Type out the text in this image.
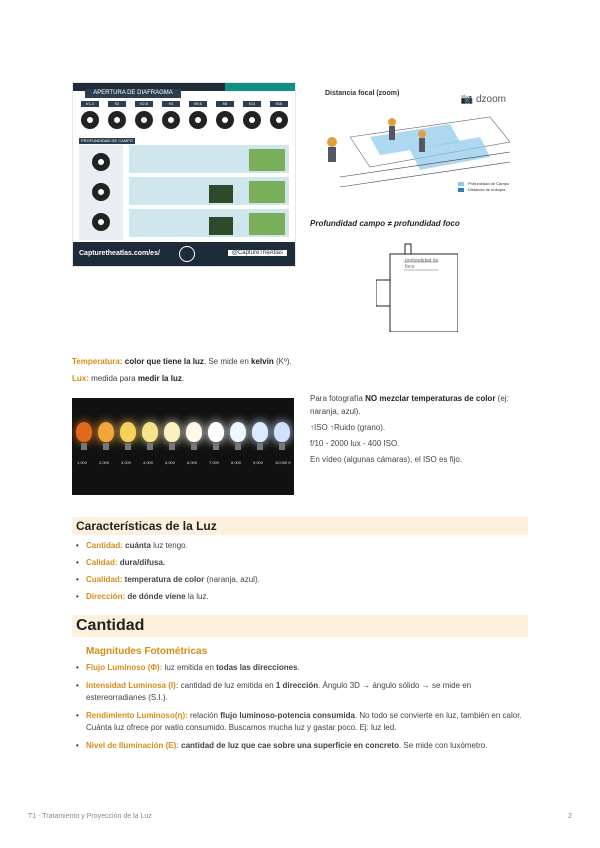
APERTURA DE DIAFRAGMA
f/1.4	f/2	f/2.8	f/4	f/5.6	f/8	f/11	f/16
PROFUNDIDAD DE CAMPO
Capturetheatlas.com/es/	@CaptureTheAtlas
Distancia focal (zoom)
📷 dzoom
Profundidad de Campo
Distancia de enfoque
Profundidad campo ≠ profundidad foco
profundidad de foco
Temperatura: color que tiene la luz. Se mide en kelvin (Kº).
Lux: medida para medir la luz.
1,000	2,000	3,000	4,000	5,000	6,000	7,000	8,000	9,000	10,000 K
Para fotografía NO mezclar temperaturas de color (ej: naranja, azul).
↑ISO ↑Ruido (grano).
f/10 - 2000 lux - 400 ISO.
En vídeo (algunas cámaras), el ISO es fijo.
Características de la Luz
• Cantidad: cuánta luz tengo.
• Calidad: dura/difusa.
• Cualidad: temperatura de color (naranja, azul).
• Dirección: de dónde viene la luz.
Cantidad
Magnitudes Fotométricas
• Flujo Luminoso (Φ): luz emitida en todas las direcciones.
• Intensidad Luminosa (I): cantidad de luz emitida en 1 dirección. Ángulo 3D → ángulo sólido → se mide en estereorradianes (S.I.).
• Rendimiento Luminoso(η): relación flujo luminoso-potencia consumida. No todo se convierte en luz, también en calor. Cuánta luz ofrece por watio consumido. Buscamos mucha luz y gastar poco. Ej: luz led.
• Nivel de Iluminación (E): cantidad de luz que cae sobre una superficie en concreto. Se mide con luxómetro.
T1 - Tratamiento y Proyección de la Luz	2
